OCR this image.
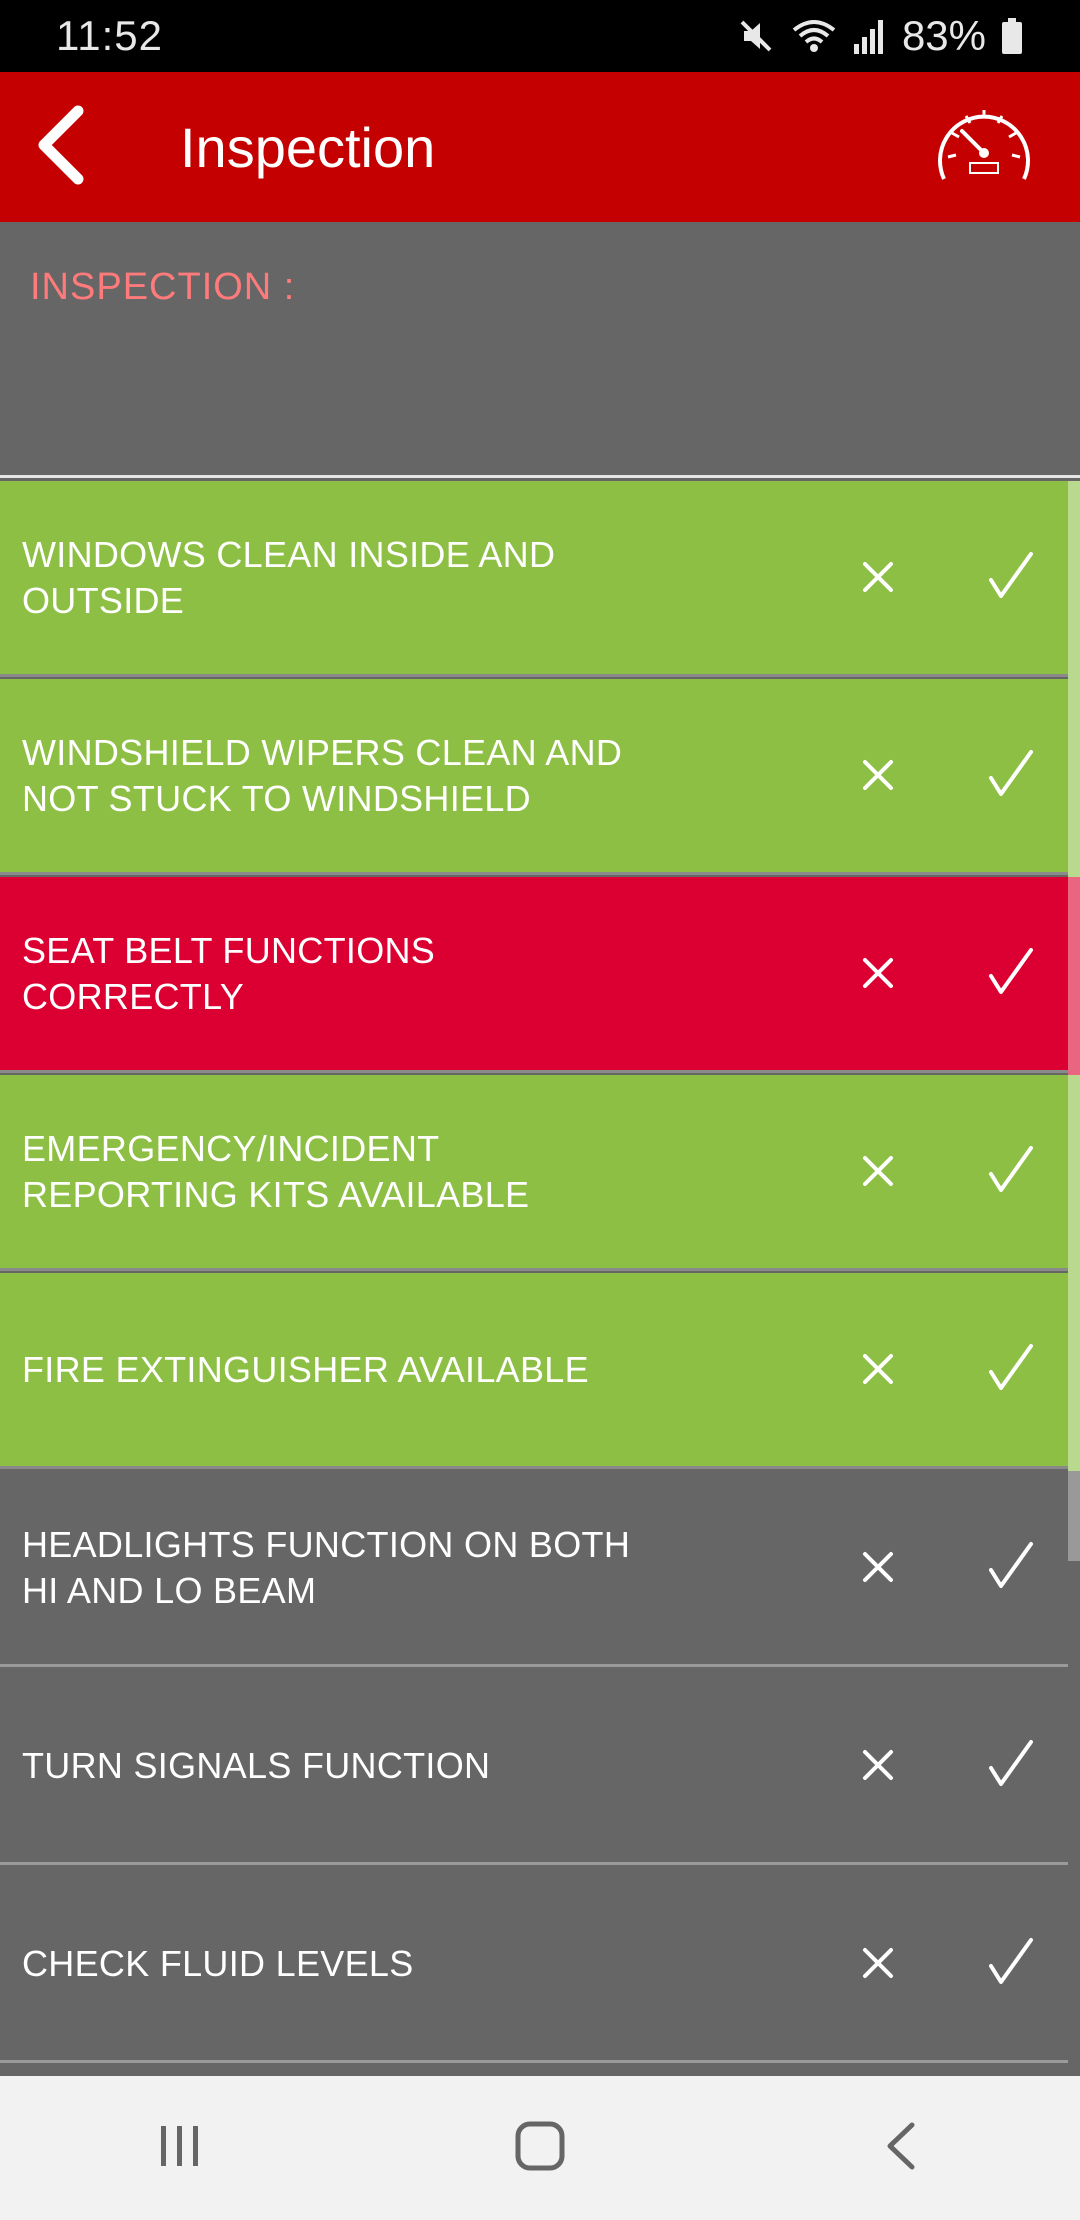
11:52	83%
Inspection
INSPECTION :
WINDOWS CLEAN INSIDE AND OUTSIDE
WINDSHIELD WIPERS CLEAN AND NOT STUCK TO WINDSHIELD
SEAT BELT FUNCTIONS CORRECTLY
EMERGENCY/INCIDENT REPORTING KITS AVAILABLE
FIRE EXTINGUISHER AVAILABLE
HEADLIGHTS FUNCTION ON BOTH HI AND LO BEAM
TURN SIGNALS FUNCTION
CHECK FLUID LEVELS
